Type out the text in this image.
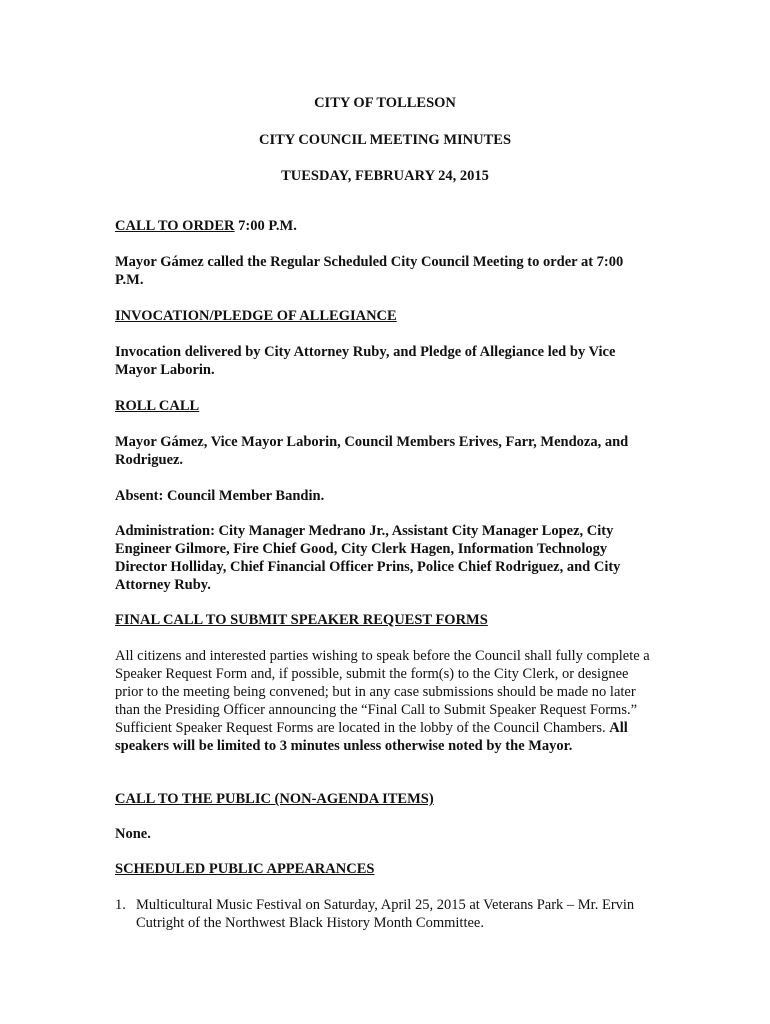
CITY OF TOLLESON
CITY COUNCIL MEETING MINUTES
TUESDAY, FEBRUARY 24, 2015
CALL TO ORDER 7:00 P.M.
Mayor Gámez called the Regular Scheduled City Council Meeting to order at 7:00 P.M.
INVOCATION/PLEDGE OF ALLEGIANCE
Invocation delivered by City Attorney Ruby, and Pledge of Allegiance led by Vice Mayor Laborin.
ROLL CALL
Mayor Gámez, Vice Mayor Laborin, Council Members Erives, Farr, Mendoza, and Rodriguez.
Absent: Council Member Bandin.
Administration: City Manager Medrano Jr., Assistant City Manager Lopez, City Engineer Gilmore, Fire Chief Good, City Clerk Hagen, Information Technology Director Holliday, Chief Financial Officer Prins, Police Chief Rodriguez, and City Attorney Ruby.
FINAL CALL TO SUBMIT SPEAKER REQUEST FORMS
All citizens and interested parties wishing to speak before the Council shall fully complete a Speaker Request Form and, if possible, submit the form(s) to the City Clerk, or designee prior to the meeting being convened; but in any case submissions should be made no later than the Presiding Officer announcing the “Final Call to Submit Speaker Request Forms.” Sufficient Speaker Request Forms are located in the lobby of the Council Chambers. All speakers will be limited to 3 minutes unless otherwise noted by the Mayor.
CALL TO THE PUBLIC (NON-AGENDA ITEMS)
None.
SCHEDULED PUBLIC APPEARANCES
1. Multicultural Music Festival on Saturday, April 25, 2015 at Veterans Park – Mr. Ervin Cutright of the Northwest Black History Month Committee.
